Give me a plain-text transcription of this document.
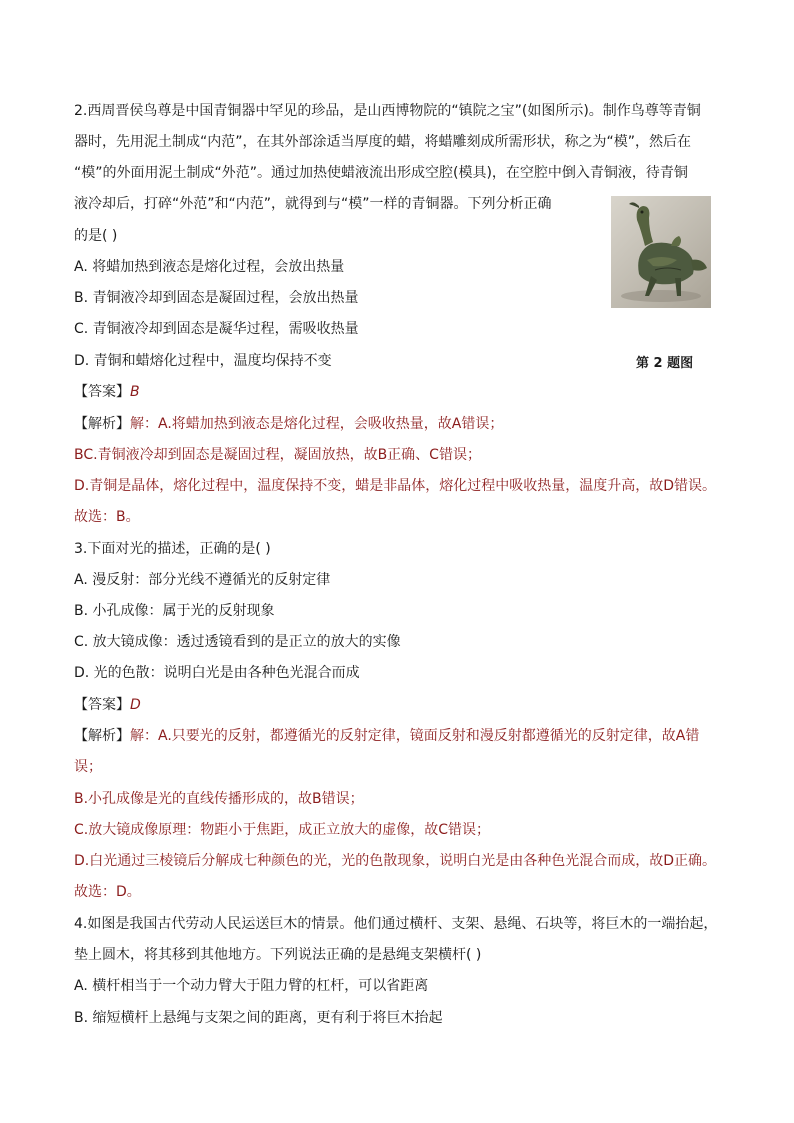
2.西周晋侯鸟尊是中国青铜器中罕见的珍品，是山西博物院的“镇院之宝”(如图所示)。制作鸟尊等青铜
器时，先用泥土制成“内范”，在其外部涂适当厚度的蜡，将蜡雕刻成所需形状，称之为“模”，然后在
“模”的外面用泥土制成“外范”。通过加热使蜡液流出形成空腔(模具)，在空腔中倒入青铜液，待青铜
液冷却后，打碎“外范”和“内范”，就得到与“模”一样的青铜器。下列分析正确
的是( )
A. 将蜡加热到液态是熔化过程，会放出热量
B. 青铜液冷却到固态是凝固过程，会放出热量
C. 青铜液冷却到固态是凝华过程，需吸收热量
D. 青铜和蜡熔化过程中，温度均保持不变	第 2 题图
【答案】B
【解析】解：A.将蜡加热到液态是熔化过程，会吸收热量，故A错误；
BC.青铜液冷却到固态是凝固过程，凝固放热，故B正确、C错误；
D.青铜是晶体，熔化过程中，温度保持不变，蜡是非晶体，熔化过程中吸收热量，温度升高，故D错误。
故选：B。
3.下面对光的描述，正确的是( )
A. 漫反射：部分光线不遵循光的反射定律
B. 小孔成像：属于光的反射现象
C. 放大镜成像：透过透镜看到的是正立的放大的实像
D. 光的色散：说明白光是由各种色光混合而成
【答案】D
【解析】解：A.只要光的反射，都遵循光的反射定律，镜面反射和漫反射都遵循光的反射定律，故A错
误；
B.小孔成像是光的直线传播形成的，故B错误；
C.放大镜成像原理：物距小于焦距，成正立放大的虚像，故C错误；
D.白光通过三棱镜后分解成七种颜色的光，光的色散现象，说明白光是由各种色光混合而成，故D正确。
故选：D。
4.如图是我国古代劳动人民运送巨木的情景。他们通过横杆、支架、悬绳、石块等，将巨木的一端抬起，
垫上圆木，将其移到其他地方。下列说法正确的是悬绳支架横杆( )
A. 横杆相当于一个动力臂大于阻力臂的杠杆，可以省距离
B. 缩短横杆上悬绳与支架之间的距离，更有利于将巨木抬起
